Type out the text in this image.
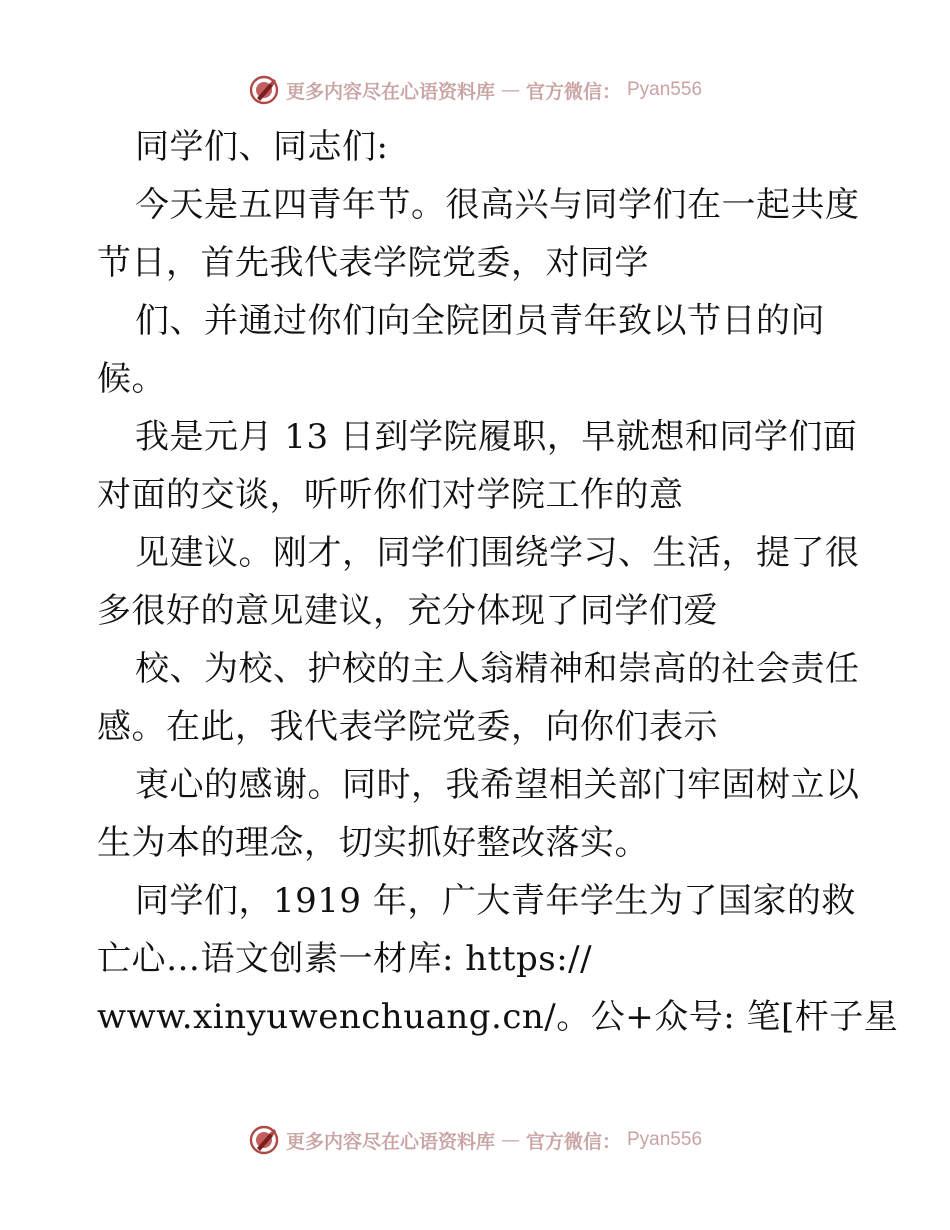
更多内容尽在心语资料库 — 官方微信： Pyan556
同学们、同志们:
今天是五四青年节。很高兴与同学们在一起共度
节日，首先我代表学院党委，对同学
们、并通过你们向全院团员青年致以节日的问
候。
我是元月 13 日到学院履职，早就想和同学们面
对面的交谈，听听你们对学院工作的意
见建议。刚才，同学们围绕学习、生活，提了很
多很好的意见建议，充分体现了同学们爱
校、为校、护校的主人翁精神和崇高的社会责任
感。在此，我代表学院党委，向你们表示
衷心的感谢。同时，我希望相关部门牢固树立以
生为本的理念，切实抓好整改落实。
同学们，1919 年，广大青年学生为了国家的救
亡心…语文创素一材库: https://
www.xinyuwenchuang.cn/。公+众号: 笔[杆子星
更多内容尽在心语资料库 — 官方微信： Pyan556
